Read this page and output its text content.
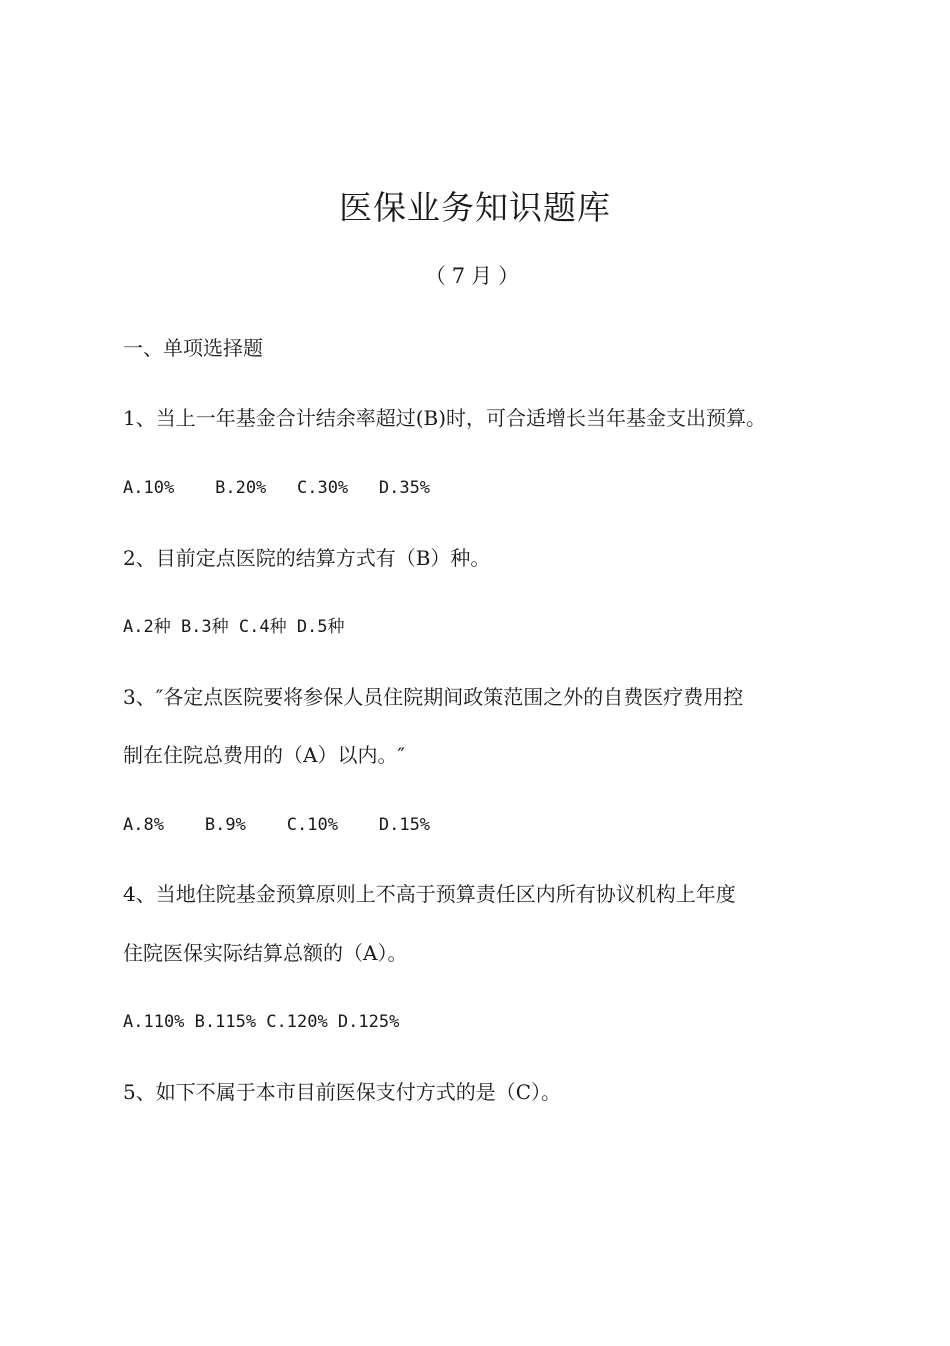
医保业务知识题库
（7月）
一、单项选择题
1、当上一年基金合计结余率超过(B)时，可合适增长当年基金支出预算。
A.10%    B.20%   C.30%   D.35%
2、目前定点医院的结算方式有（B）种。
A.2种 B.3种 C.4种 D.5种
3、″各定点医院要将参保人员住院期间政策范围之外的自费医疗费用控
制在住院总费用的（A）以内。″
A.8%    B.9%    C.10%    D.15%
4、当地住院基金预算原则上不高于预算责任区内所有协议机构上年度
住院医保实际结算总额的（A）。
A.110% B.115% C.120% D.125%
5、如下不属于本市目前医保支付方式的是（C）。
